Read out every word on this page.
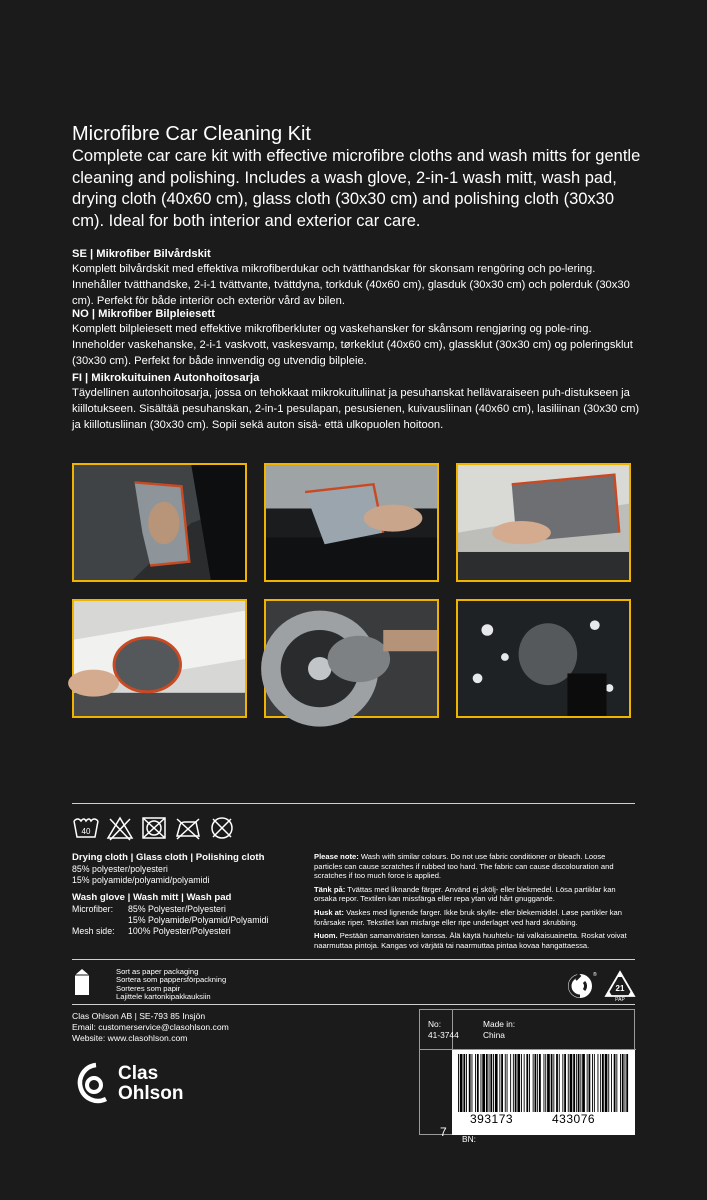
Microfibre Car Cleaning Kit

Complete car care kit with effective microfibre cloths and wash mitts for gentle cleaning and polishing. Includes a wash glove, 2-in-1 wash mitt, wash pad, drying cloth (40x60 cm), glass cloth (30x30 cm) and polishing cloth (30x30 cm). Ideal for both interior and exterior car care.

SE | Mikrofiber Bilvårdskit

Komplett bilvårdskit med effektiva mikrofiberdukar och tvätthandskar för skonsam rengöring och po-lering. Innehåller tvätthandske, 2-i-1 tvättvante, tvättdyna, torkduk (40x60 cm), glasduk (30x30 cm) och polerduk (30x30 cm). Perfekt för både interiör och exteriör vård av bilen.

NO | Mikrofiber Bilpleiesett

Komplett bilpleiesett med effektive mikrofiberkluter og vaskehansker for skånsom rengjøring og pole-ring. Inneholder vaskehanske, 2-i-1 vaskvott, vaskesvamp, tørkeklut (40x60 cm), glassklut (30x30 cm) og poleringsklut (30x30 cm). Perfekt for både innvendig og utvendig bilpleie.

FI | Mikrokuituinen Autonhoitosarja

Täydellinen autonhoitosarja, jossa on tehokkaat mikrokuituliinat ja pesuhanskat hellävaraiseen puh-distukseen ja kiillotukseen. Sisältää pesuhanskan, 2-in-1 pesulapan, pesusienen, kuivausliinan (40x60 cm), lasiliinan (30x30 cm) ja kiillotusliinan (30x30 cm). Sopii sekä auton sisä- että ulkopuolen hoitoon.

40
Drying cloth | Glass cloth | Polishing cloth
85% polyester/polyesteri
15% polyamide/polyamid/polyamidi
Wash glove | Wash mitt | Wash pad
Microfiber:	85% Polyester/Polyesteri
15% Polyamide/Polyamid/Polyamidi
Mesh side:	100% Polyester/Polyesteri

Please note: Wash with similar colours. Do not use fabric conditioner or bleach. Loose particles can cause scratches if rubbed too hard. The fabric can cause discolouration and scratches if too much force is applied.

Tänk på: Tvättas med liknande färger. Använd ej skölj- eller blekmedel. Lösa partiklar kan orsaka repor. Textilen kan missfärga eller repa ytan vid hårt gnuggande.

Husk at: Vaskes med lignende farger. Ikke bruk skylle- eller blekemiddel. Løse partikler kan forårsake riper. Tekstilet kan misfarge eller ripe underlaget ved hard skrubbing.

Huom. Pestään samanväristen kanssa. Älä käytä huuhtelu- tai valkaisuainetta. Roskat voivat naarmuttaa pintoja. Kangas voi värjätä tai naarmuttaa pintaa kovaa hangattaessa.

Sort as paper packaging
Sortera som pappersförpackning
Sorteres som papir
Lajittele kartonkipakkauksiin
®
21
PAP
Clas Ohlson AB | SE-793 85 Insjön
Email: customerservice@clasohlson.com
Website: www.clasohlson.com
Clas
Ohlson
No:
41-3744
Made in:
China
393173	433076
7 BN:
